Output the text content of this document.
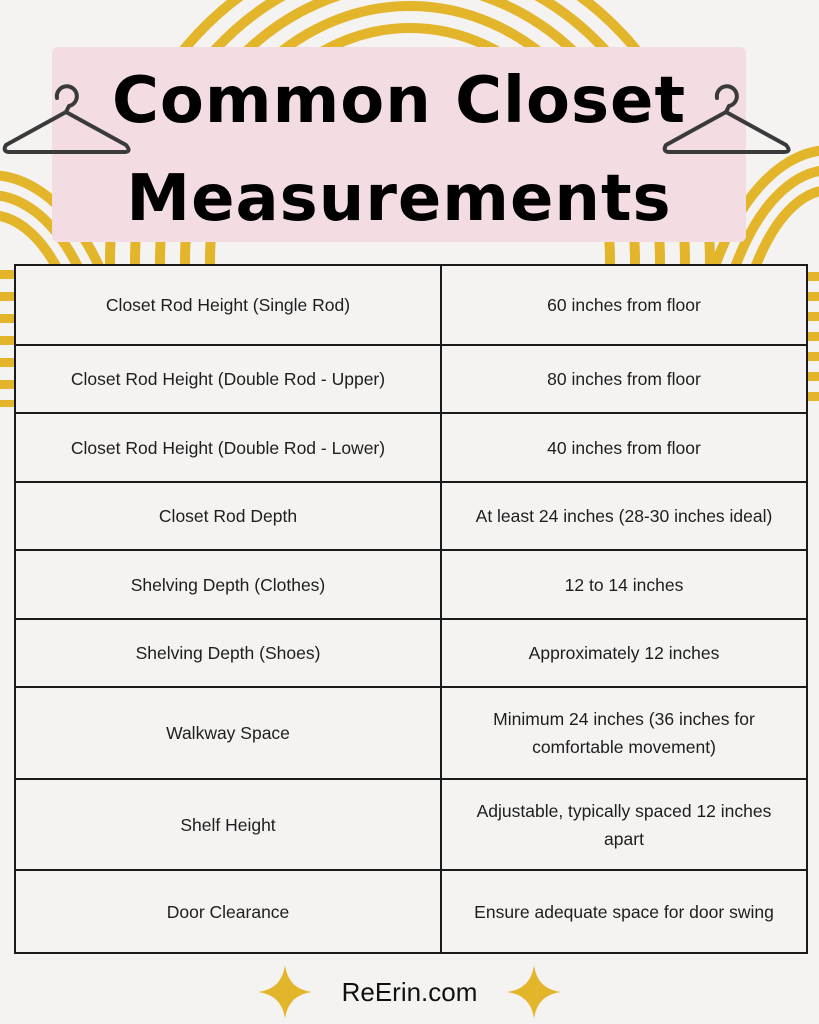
Common Closet
Measurements
Closet Rod Height (Single Rod)	60 inches from floor
Closet Rod Height (Double Rod - Upper)	80 inches from floor
Closet Rod Height (Double Rod - Lower)	40 inches from floor
Closet Rod Depth	At least 24 inches (28-30 inches ideal)
Shelving Depth (Clothes)	12 to 14 inches
Shelving Depth (Shoes)	Approximately 12 inches
Walkway Space	Minimum 24 inches (36 inches for comfortable movement)
Shelf Height	Adjustable, typically spaced 12 inches apart
Door Clearance	Ensure adequate space for door swing
ReErin.com
